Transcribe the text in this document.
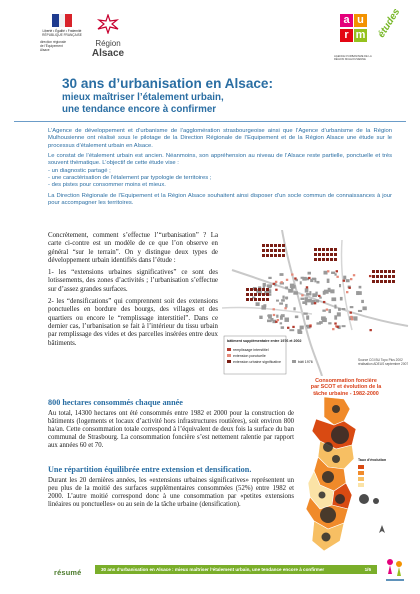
Liberté • Égalité • Fraternité
RÉPUBLIQUE FRANÇAISE
direction régionale
de l'Équipement
Alsace
Région
Alsace
a u
r m
AGENCE D'URBANISME DE LA RÉGION MULHOUSIENNE
études
30 ans d’urbanisation en Alsace:
mieux maîtriser l’étalement urbain,
une tendance encore à confirmer

L’Agence de développement et d’urbanisme de l’agglomération strasbourgeoise ainsi que l’Agence d’urbanisme de la Région Mulhousienne ont réalisé sous le pilotage de la Direction Régionale de l’Equipement et de la Région Alsace une étude sur le processus d’étalement urbain en Alsace.

Le constat de l’étalement urbain est ancien. Néanmoins, son appréhension au niveau de l’Alsace reste partielle, ponctuelle et très souvent thématique. L’objectif de cette étude vise :

- un diagnostic partagé ;
- une caractérisation de l’étalement par typologie de territoires ;
- des pistes pour consommer moins et mieux.

La Direction Régionale de l’Equipement et la Région Alsace souhaitent ainsi disposer d’un socle commun de connaissances à jour pour accompagner les territoires.

Concrètement, comment s’effectue l’“urbanisation” ? La carte ci-contre est un modèle de ce que l’on observe en général “sur le terrain”. On y distingue deux types de développement urbain identifiés dans l’étude :

1- les “extensions urbaines significatives” ce sont des lotissements, des zones d’activités ; l’urbanisation s’effectue sur d’assez grandes surfaces.

2- les “densifications” qui comprennent soit des extensions ponctuelles en bordure des bourgs, des villages et des quartiers ou encore le “remplissage interstitiel”. Dans ce dernier cas, l’urbanisation se fait à l’intérieur du tissu urbain par remplissage des vides et des parcelles insérées entre deux bâtiments.	bâtiment supplémentaire entre 1976 et 2002
remplissage interstitiel
extension ponctuelle
extension urbaine significative	bâti 1976	Source CGI BU Topo Plus 2002
réalisation ADEUS septembre 2007
800 hectares consommés chaque année
Au total, 14300 hectares ont été consommés entre 1982 et 2000 pour la construction de bâtiments (logements et locaux d’activité hors infrastructures routières), soit environ 800 ha/an. Cette consommation totale correspond à l’équivalent de deux fois la surface du ban communal de Strasbourg. La consommation foncière s’est nettement ralentie par rapport aux années 60 et 70.
Une répartition équilibrée entre extension et densification.
Durant les 20 dernières années, les «extensions urbaines significatives» représentent un peu plus de la moitié des surfaces supplémentaires consommées (52%) entre 1982 et 2000. L’autre moitié correspond donc à une consommation par «petites extensions linéaires ou ponctuelles» ou au sein de la tâche urbaine (densification).
Consommation foncière
par SCOT et évolution de la
tâche urbaine - 1982-2000
Taux d'évolution
résumé	30 ans d’urbanisation en Alsace : mieux maîtriser l’étalement urbain, une tendance encore à confirmer	1/6
